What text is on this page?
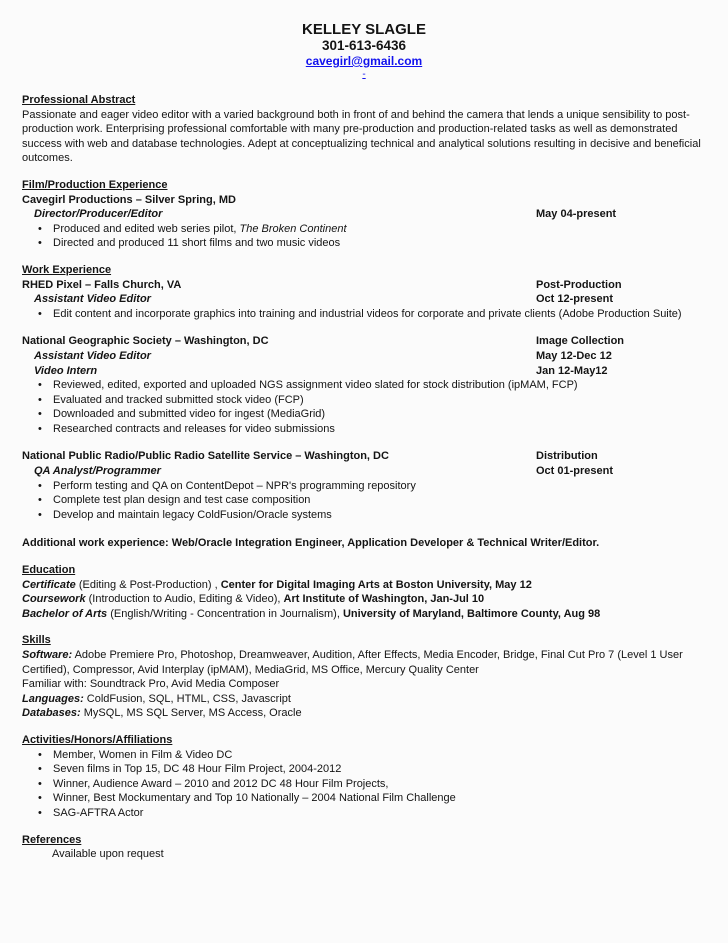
KELLEY SLAGLE
301-613-6436
cavegirl@gmail.com
-
Professional Abstract

Passionate and eager video editor with a varied background both in front of and behind the camera that lends a unique sensibility to post-production work. Enterprising professional comfortable with many pre-production and production-related tasks as well as demonstrated success with web and database technologies. Adept at conceptualizing technical and analytical solutions resulting in decisive and beneficial outcomes.

Film/Production Experience
Cavegirl Productions – Silver Spring, MD
Director/Producer/Editor	May 04-present
• Produced and edited web series pilot, The Broken Continent
• Directed and produced 11 short films and two music videos
Work Experience
RHED Pixel – Falls Church, VA	Post-Production
Assistant Video Editor	Oct 12-present
• Edit content and incorporate graphics into training and industrial videos for corporate and private clients (Adobe Production Suite)
National Geographic Society – Washington, DC	Image Collection
Assistant Video Editor	May 12-Dec 12
Video Intern	Jan 12-May12
• Reviewed, edited, exported and uploaded NGS assignment video slated for stock distribution (ipMAM, FCP)
• Evaluated and tracked submitted stock video (FCP)
• Downloaded and submitted video for ingest (MediaGrid)
• Researched contracts and releases for video submissions
National Public Radio/Public Radio Satellite Service – Washington, DC	Distribution
QA Analyst/Programmer	Oct 01-present
• Perform testing and QA on ContentDepot – NPR's programming repository
• Complete test plan design and test case composition
• Develop and maintain legacy ColdFusion/Oracle systems

Additional work experience: Web/Oracle Integration Engineer, Application Developer & Technical Writer/Editor.

Education

Certificate (Editing & Post-Production) , Center for Digital Imaging Arts at Boston University, May 12

Coursework (Introduction to Audio, Editing & Video), Art Institute of Washington, Jan-Jul 10

Bachelor of Arts (English/Writing - Concentration in Journalism), University of Maryland, Baltimore County, Aug 98

Skills

Software: Adobe Premiere Pro, Photoshop, Dreamweaver, Audition, After Effects, Media Encoder, Bridge, Final Cut Pro 7 (Level 1 User Certified), Compressor, Avid Interplay (ipMAM), MediaGrid, MS Office, Mercury Quality Center

Familiar with: Soundtrack Pro, Avid Media Composer

Languages: ColdFusion, SQL, HTML, CSS, Javascript

Databases: MySQL, MS SQL Server, MS Access, Oracle

Activities/Honors/Affiliations
• Member, Women in Film & Video DC
• Seven films in Top 15, DC 48 Hour Film Project, 2004-2012
• Winner, Audience Award – 2010 and 2012 DC 48 Hour Film Projects,
• Winner, Best Mockumentary and Top 10 Nationally – 2004 National Film Challenge
• SAG-AFTRA Actor
References

Available upon request
